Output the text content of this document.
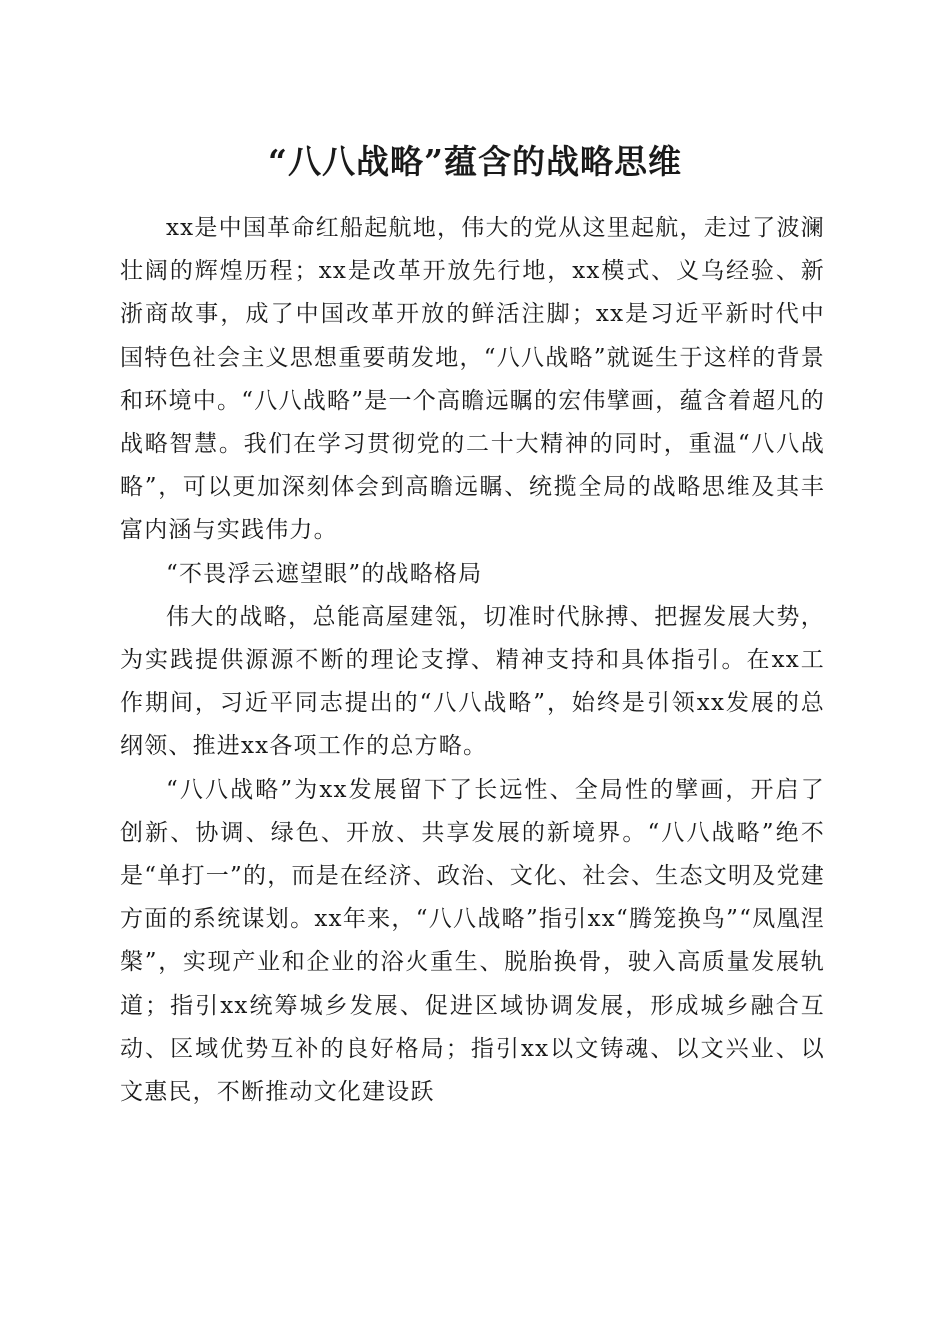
“八八战略”蕴含的战略思维

xx是中国革命红船起航地，伟大的党从这里起航，走过了波澜壮阔的辉煌历程；xx是改革开放先行地，xx模式、义乌经验、新浙商故事，成了中国改革开放的鲜活注脚；xx是习近平新时代中国特色社会主义思想重要萌发地，“八八战略”就诞生于这样的背景和环境中。“八八战略”是一个高瞻远瞩的宏伟擘画，蕴含着超凡的战略智慧。我们在学习贯彻党的二十大精神的同时，重温“八八战略”，可以更加深刻体会到高瞻远瞩、统揽全局的战略思维及其丰富内涵与实践伟力。

“不畏浮云遮望眼”的战略格局

伟大的战略，总能高屋建瓴，切准时代脉搏、把握发展大势，为实践提供源源不断的理论支撑、精神支持和具体指引。在xx工作期间，习近平同志提出的“八八战略”，始终是引领xx发展的总纲领、推进xx各项工作的总方略。

“八八战略”为xx发展留下了长远性、全局性的擘画，开启了创新、协调、绿色、开放、共享发展的新境界。“八八战略”绝不是“单打一”的，而是在经济、政治、文化、社会、生态文明及党建方面的系统谋划。xx年来，“八八战略”指引xx“腾笼换鸟”“凤凰涅槃”，实现产业和企业的浴火重生、脱胎换骨，驶入高质量发展轨道；指引xx统筹城乡发展、促进区域协调发展，形成城乡融合互动、区域优势互补的良好格局；指引xx以文铸魂、以文兴业、以文惠民，不断推动文化建设跃
